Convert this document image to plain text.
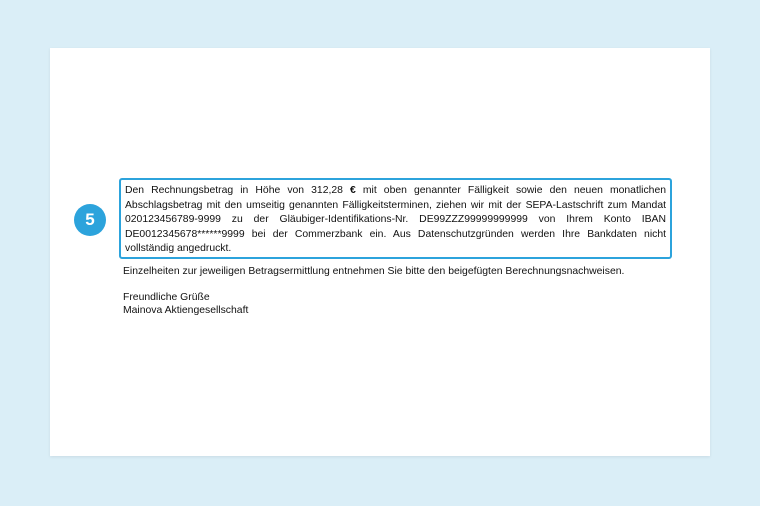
5

Den Rechnungsbetrag in Höhe von 312,28 € mit oben genannter Fälligkeit sowie den neuen monatlichen Abschlagsbetrag mit den umseitig genannten Fälligkeitsterminen, ziehen wir mit der SEPA-Lastschrift zum Mandat 020123456789-9999 zu der Gläubiger-Identifikations-Nr. DE99ZZZ99999999999 von Ihrem Konto IBAN DE0012345678******9999 bei der Commerzbank ein. Aus Datenschutzgründen werden Ihre Bankdaten nicht vollständig angedruckt.

Einzelheiten zur jeweiligen Betragsermittlung entnehmen Sie bitte den beigefügten Berechnungsnachweisen.
Freundliche Grüße
Mainova Aktiengesellschaft
